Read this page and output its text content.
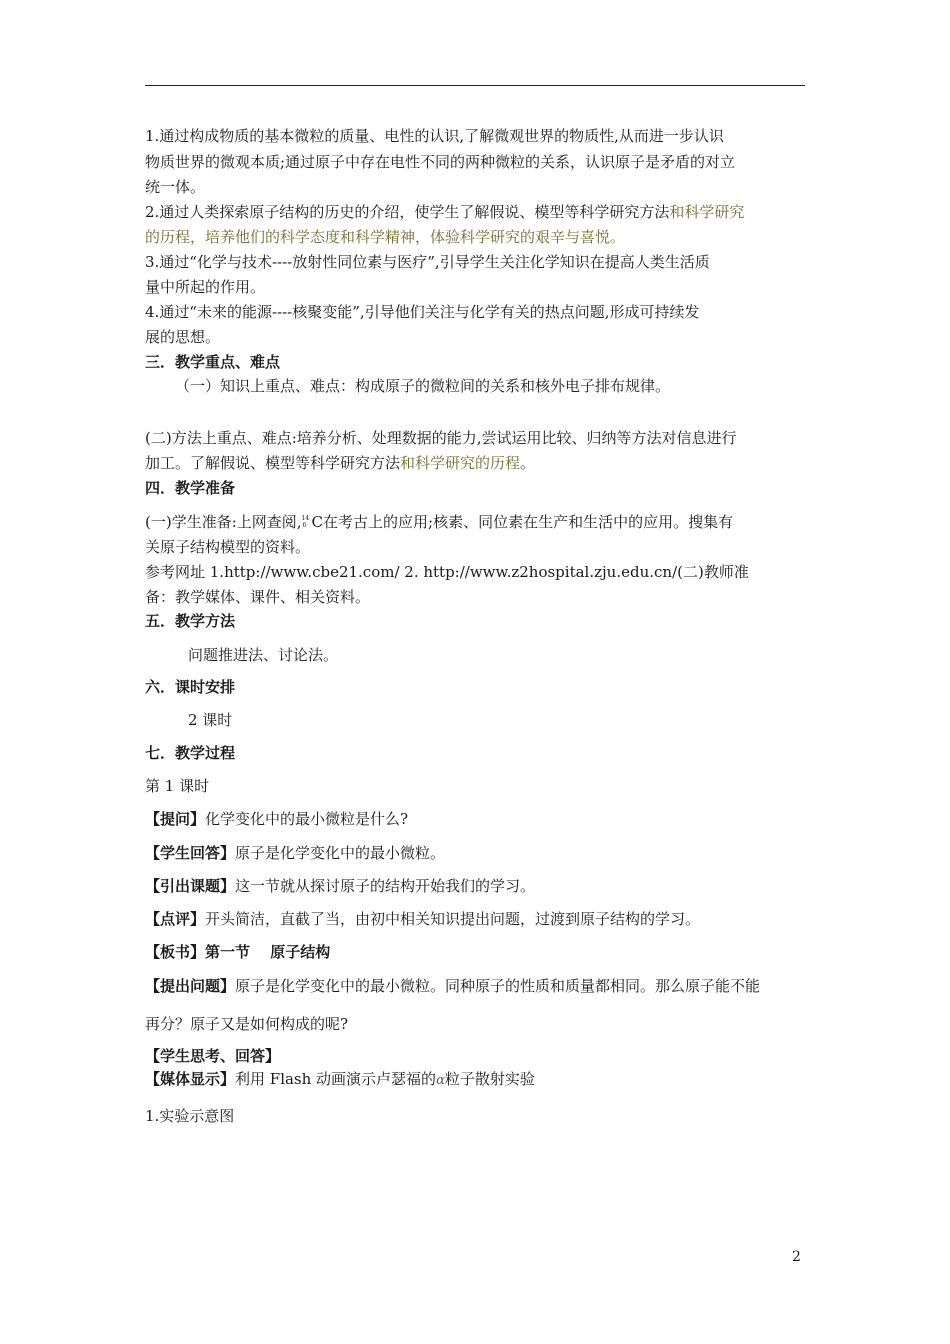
1.通过构成物质的基本微粒的质量、电性的认识,了解微观世界的物质性,从而进一步认识
物质世界的微观本质;通过原子中存在电性不同的两种微粒的关系，认识原子是矛盾的对立
统一体。
2.通过人类探索原子结构的历史的介绍，使学生了解假说、模型等科学研究方法和科学研究
的历程，培养他们的科学态度和科学精神，体验科学研究的艰辛与喜悦。
3.通过“化学与技术----放射性同位素与医疗”,引导学生关注化学知识在提高人类生活质
量中所起的作用。
4.通过“未来的能源----核聚变能”,引导他们关注与化学有关的热点问题,形成可持续发
展的思想。
三．教学重点、难点
（一）知识上重点、难点：构成原子的微粒间的关系和核外电子排布规律。
(二)方法上重点、难点:培养分析、处理数据的能力,尝试运用比较、归纳等方法对信息进行
加工。了解假说、模型等科学研究方法和科学研究的历程。
四．教学准备
(一)学生准备:上网查阅, 14
6 C在考古上的应用;核素、同位素在生产和生活中的应用。搜集有
关原子结构模型的资料。
参考网址 1.http://www.cbe21.com/ 2. http://www.z2hospital.zju.edu.cn/(二)教师准
备：教学媒体、课件、相关资料。
五．教学方法
问题推进法、讨论法。
六．课时安排
2 课时
七．教学过程
第 1 课时
【提问】化学变化中的最小微粒是什么?
【学生回答】原子是化学变化中的最小微粒。
【引出课题】这一节就从探讨原子的结构开始我们的学习。
【点评】开头简洁，直截了当，由初中相关知识提出问题，过渡到原子结构的学习。
【板书】第一节　 原子结构
【提出问题】原子是化学变化中的最小微粒。同种原子的性质和质量都相同。那么原子能不能
再分？原子又是如何构成的呢?
【学生思考、回答】
【媒体显示】利用 Flash 动画演示卢瑟福的α粒子散射实验
1.实验示意图
2
